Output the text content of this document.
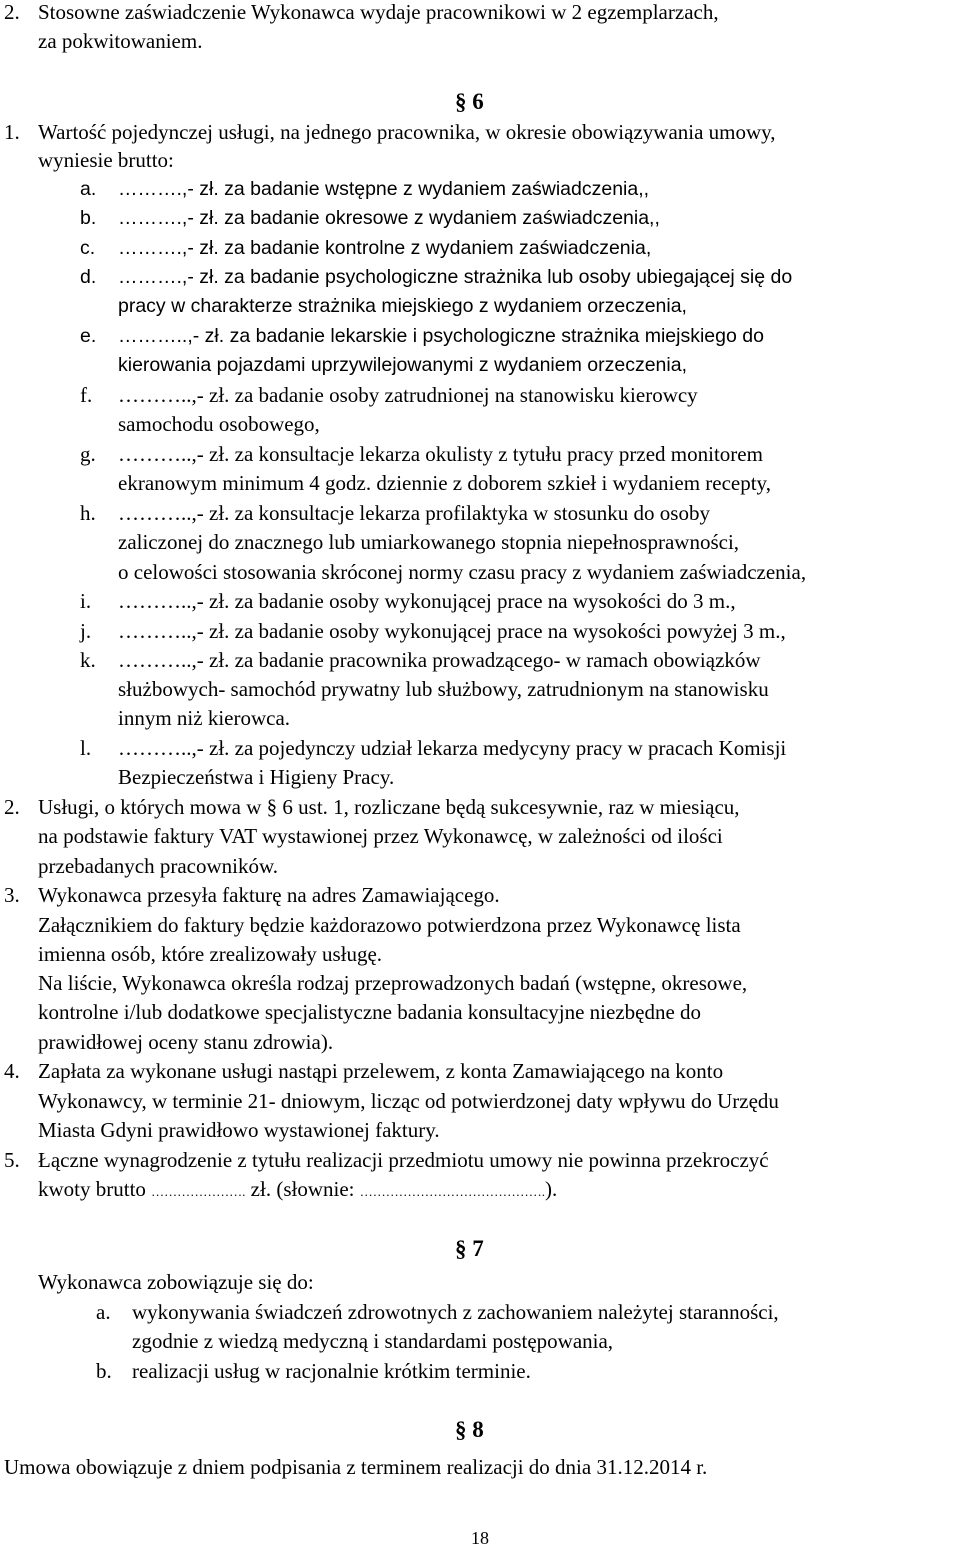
2. Stosowne zaświadczenie Wykonawca wydaje pracownikowi w 2 egzemplarzach,
za pokwitowaniem.
§ 6
1. Wartość pojedynczej usługi, na jednego pracownika, w okresie obowiązywania umowy,
wyniesie brutto:
a. ……….,- zł. za badanie wstępne z wydaniem zaświadczenia,,
b. ……….,- zł. za badanie okresowe z wydaniem zaświadczenia,,
c. ……….,- zł. za badanie kontrolne z wydaniem zaświadczenia,
d. ……….,- zł. za badanie psychologiczne strażnika lub osoby ubiegającej się do
pracy w charakterze strażnika miejskiego z wydaniem orzeczenia,
e. ………..,- zł. za badanie lekarskie i psychologiczne strażnika miejskiego do
kierowania pojazdami uprzywilejowanymi z wydaniem orzeczenia,
f. ………..,- zł. za badanie osoby zatrudnionej na stanowisku kierowcy
samochodu osobowego,
g. ………..,- zł. za konsultacje lekarza okulisty z tytułu pracy przed monitorem
ekranowym minimum 4 godz. dziennie z doborem szkieł i wydaniem recepty,
h. ………..,- zł. za konsultacje lekarza profilaktyka w stosunku do osoby
zaliczonej do znacznego lub umiarkowanego stopnia niepełnosprawności,
o celowości stosowania skróconej normy czasu pracy z wydaniem zaświadczenia,
i. ………..,- zł. za badanie osoby wykonującej prace na wysokości do 3 m.,
j. ………..,- zł. za badanie osoby wykonującej prace na wysokości powyżej 3 m.,
k. ………..,- zł. za badanie pracownika prowadzącego- w ramach obowiązków
służbowych- samochód prywatny lub służbowy, zatrudnionym na stanowisku
innym niż kierowca.
l. ………..,- zł. za pojedynczy udział lekarza medycyny pracy w pracach Komisji
Bezpieczeństwa i Higieny Pracy.
2. Usługi, o których mowa w § 6 ust. 1, rozliczane będą sukcesywnie, raz w miesiącu,
na podstawie faktury VAT wystawionej przez Wykonawcę, w zależności od ilości
przebadanych pracowników.
3. Wykonawca przesyła fakturę na adres Zamawiającego.
Załącznikiem do faktury będzie każdorazowo potwierdzona przez Wykonawcę lista
imienna osób, które zrealizowały usługę.
Na liście, Wykonawca określa rodzaj przeprowadzonych badań (wstępne, okresowe,
kontrolne i/lub dodatkowe specjalistyczne badania konsultacyjne niezbędne do
prawidłowej oceny stanu zdrowia).
4. Zapłata za wykonane usługi nastąpi przelewem, z konta Zamawiającego na konto
Wykonawcy, w terminie 21- dniowym, licząc od potwierdzonej daty wpływu do Urzędu
Miasta Gdyni prawidłowo wystawionej faktury.
5. Łączne wynagrodzenie z tytułu realizacji przedmiotu umowy nie powinna przekroczyć
kwoty brutto …………………. zł. (słownie: …………………………………….).
§ 7
Wykonawca zobowiązuje się do:
a. wykonywania świadczeń zdrowotnych z zachowaniem należytej staranności,
zgodnie z wiedzą medyczną i standardami postępowania,
b. realizacji usług w racjonalnie krótkim terminie.
§ 8
Umowa obowiązuje z dniem podpisania z terminem realizacji do dnia 31.12.2014 r.
18
